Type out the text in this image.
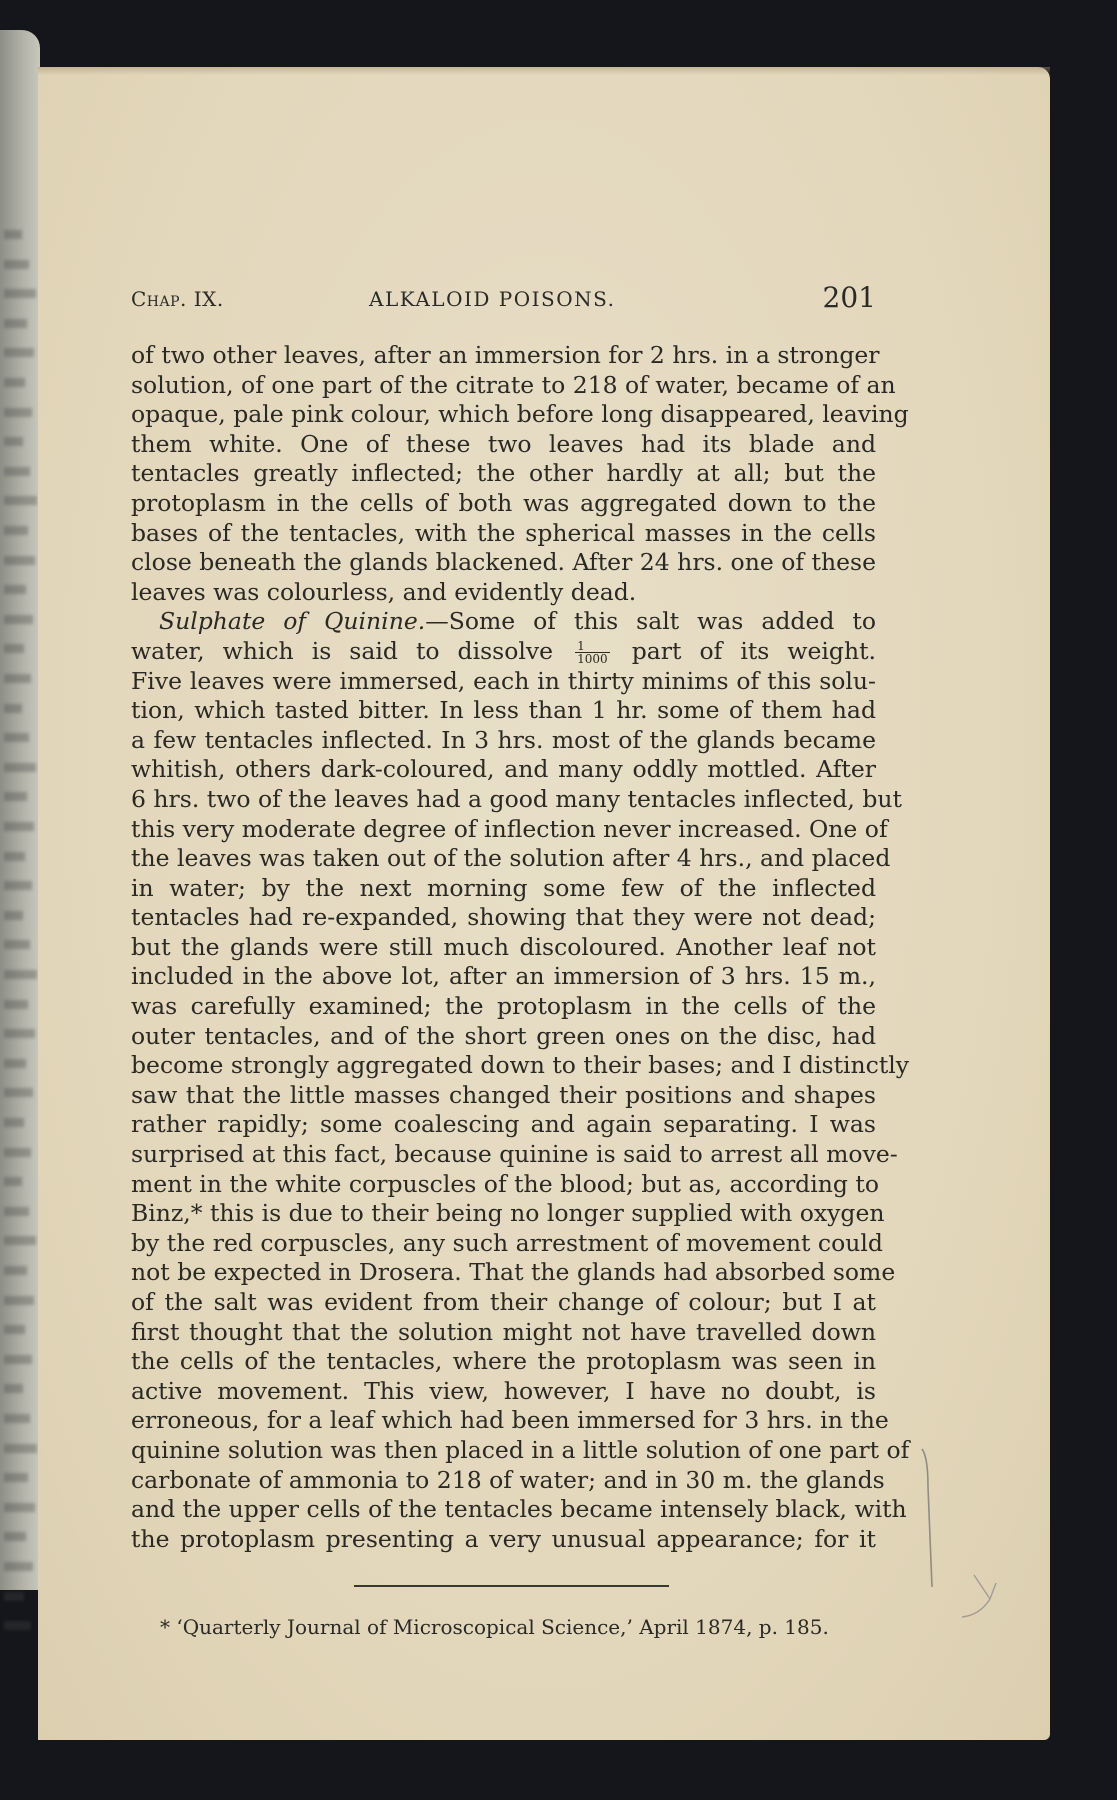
Chap. IX.	ALKALOID POISONS.	201
of two other leaves, after an immersion for 2 hrs. in a stronger
solution, of one part of the citrate to 218 of water, became of an
opaque, pale pink colour, which before long disappeared, leaving
them white. One of these two leaves had its blade and
tentacles greatly inflected; the other hardly at all; but the
protoplasm in the cells of both was aggregated down to the
bases of the tentacles, with the spherical masses in the cells
close beneath the glands blackened. After 24 hrs. one of these
leaves was colourless, and evidently dead.
Sulphate of Quinine.—Some of this salt was added to
water, which is said to dissolve $\frac{1}{1000}$ part of its weight.
Five leaves were immersed, each in thirty minims of this solu-
tion, which tasted bitter. In less than 1 hr. some of them had
a few tentacles inflected. In 3 hrs. most of the glands became
whitish, others dark-coloured, and many oddly mottled. After
6 hrs. two of the leaves had a good many tentacles inflected, but
this very moderate degree of inflection never increased. One of
the leaves was taken out of the solution after 4 hrs., and placed
in water; by the next morning some few of the inflected
tentacles had re-expanded, showing that they were not dead;
but the glands were still much discoloured. Another leaf not
included in the above lot, after an immersion of 3 hrs. 15 m.,
was carefully examined; the protoplasm in the cells of the
outer tentacles, and of the short green ones on the disc, had
become strongly aggregated down to their bases; and I distinctly
saw that the little masses changed their positions and shapes
rather rapidly; some coalescing and again separating. I was
surprised at this fact, because quinine is said to arrest all move-
ment in the white corpuscles of the blood; but as, according to
Binz,* this is due to their being no longer supplied with oxygen
by the red corpuscles, any such arrestment of movement could
not be expected in Drosera. That the glands had absorbed some
of the salt was evident from their change of colour; but I at
first thought that the solution might not have travelled down
the cells of the tentacles, where the protoplasm was seen in
active movement. This view, however, I have no doubt, is
erroneous, for a leaf which had been immersed for 3 hrs. in the
quinine solution was then placed in a little solution of one part of
carbonate of ammonia to 218 of water; and in 30 m. the glands
and the upper cells of the tentacles became intensely black, with
the protoplasm presenting a very unusual appearance; for it
* ‘Quarterly Journal of Microscopical Science,’ April 1874, p. 185.
